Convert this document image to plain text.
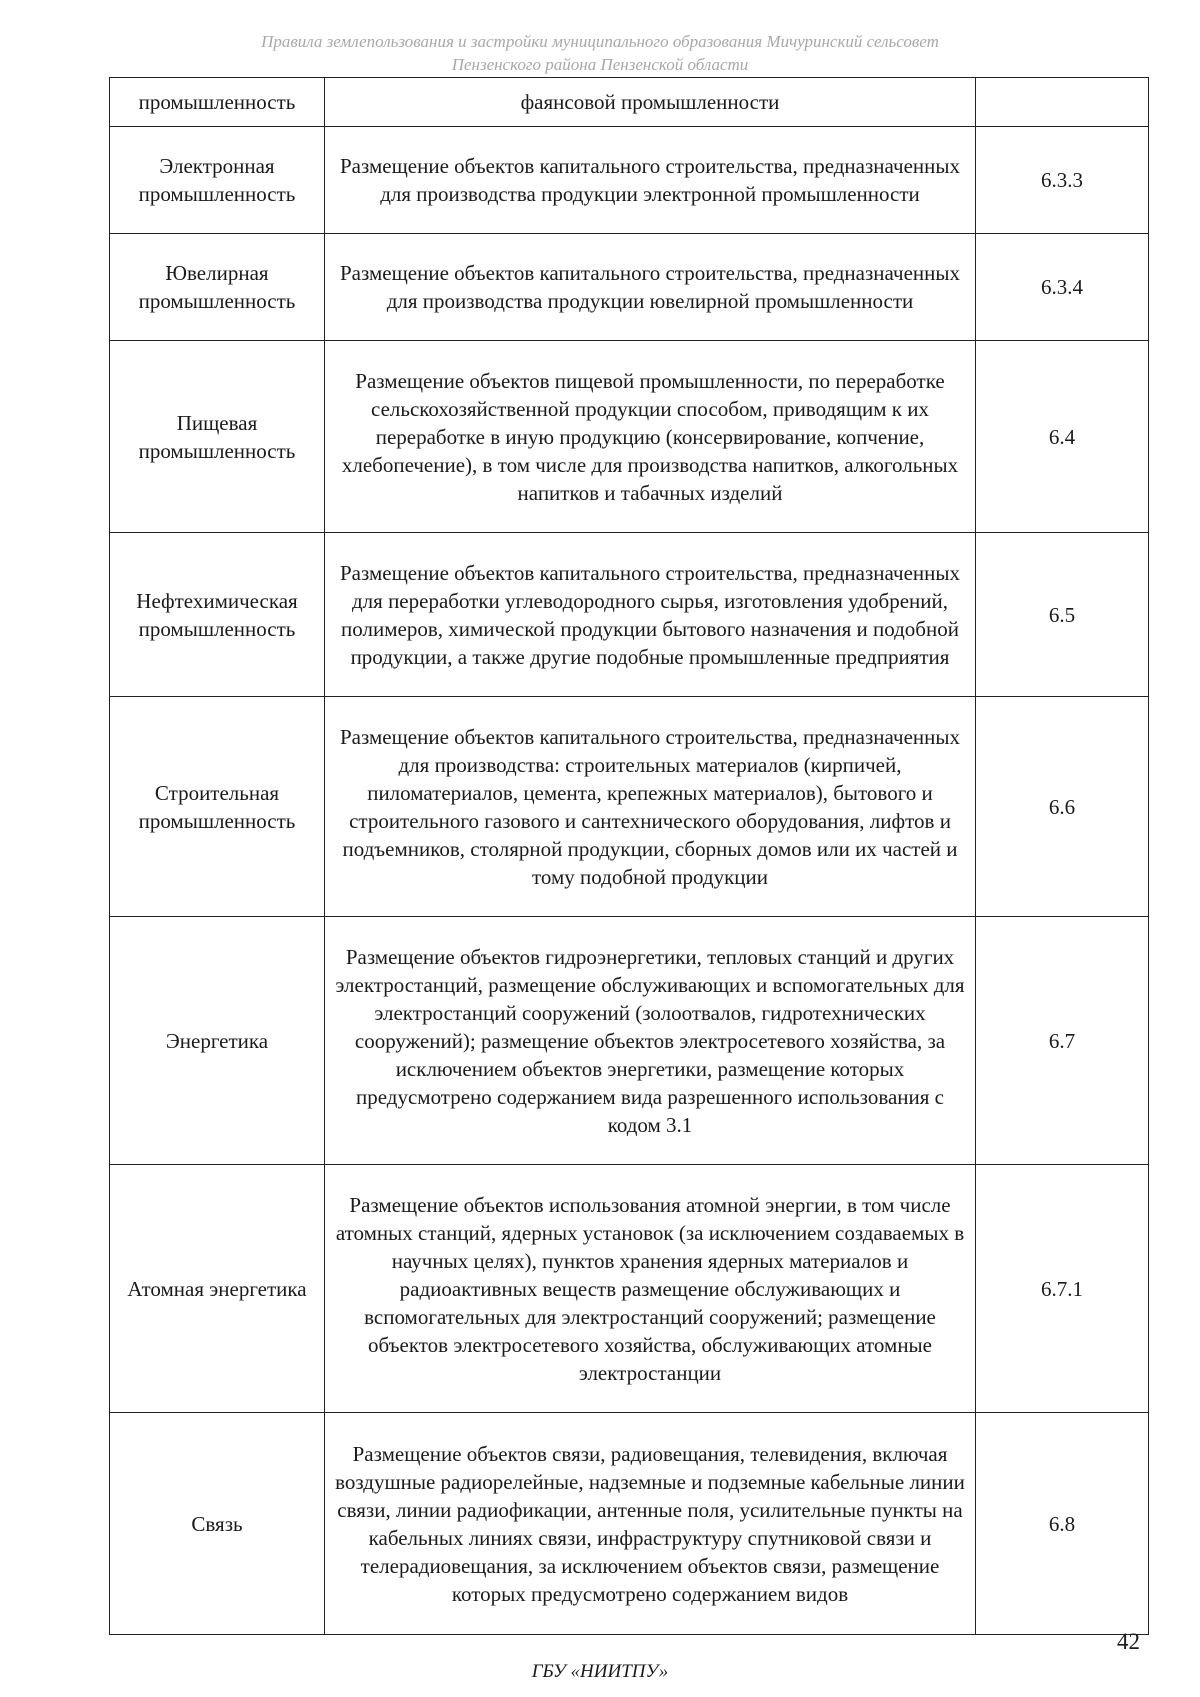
Правила землепользования и застройки муниципального образования Мичуринский сельсовет
Пензенского района Пензенской области
промышленность	фаянсовой промышленности	
Электронная промышленность	Размещение объектов капитального строительства, предназначенных для производства продукции электронной промышленности	6.3.3
Ювелирная промышленность	Размещение объектов капитального строительства, предназначенных для производства продукции ювелирной промышленности	6.3.4
Пищевая промышленность	Размещение объектов пищевой промышленности, по переработке сельскохозяйственной продукции способом, приводящим к их переработке в иную продукцию (консервирование, копчение, хлебопечение), в том числе для производства напитков, алкогольных напитков и табачных изделий	6.4
Нефтехимическая промышленность	Размещение объектов капитального строительства, предназначенных для переработки углеводородного сырья, изготовления удобрений, полимеров, химической продукции бытового назначения и подобной продукции, а также другие подобные промышленные предприятия	6.5
Строительная промышленность	Размещение объектов капитального строительства, предназначенных для производства: строительных материалов (кирпичей, пиломатериалов, цемента, крепежных материалов), бытового и строительного газового и сантехнического оборудования, лифтов и подъемников, столярной продукции, сборных домов или их частей и тому подобной продукции	6.6
Энергетика	Размещение объектов гидроэнергетики, тепловых станций и других электростанций, размещение обслуживающих и вспомогательных для электростанций сооружений (золоотвалов, гидротехнических сооружений); размещение объектов электросетевого хозяйства, за исключением объектов энергетики, размещение которых предусмотрено содержанием вида разрешенного использования с кодом 3.1	6.7
Атомная энергетика	Размещение объектов использования атомной энергии, в том числе атомных станций, ядерных установок (за исключением создаваемых в научных целях), пунктов хранения ядерных материалов и радиоактивных веществ размещение обслуживающих и вспомогательных для электростанций сооружений; размещение объектов электросетевого хозяйства, обслуживающих атомные электростанции	6.7.1
Связь	Размещение объектов связи, радиовещания, телевидения, включая воздушные радиорелейные, надземные и подземные кабельные линии связи, линии радиофикации, антенные поля, усилительные пункты на кабельных линиях связи, инфраструктуру спутниковой связи и телерадиовещания, за исключением объектов связи, размещение которых предусмотрено содержанием видов	6.8
42
ГБУ «НИИТПУ»
